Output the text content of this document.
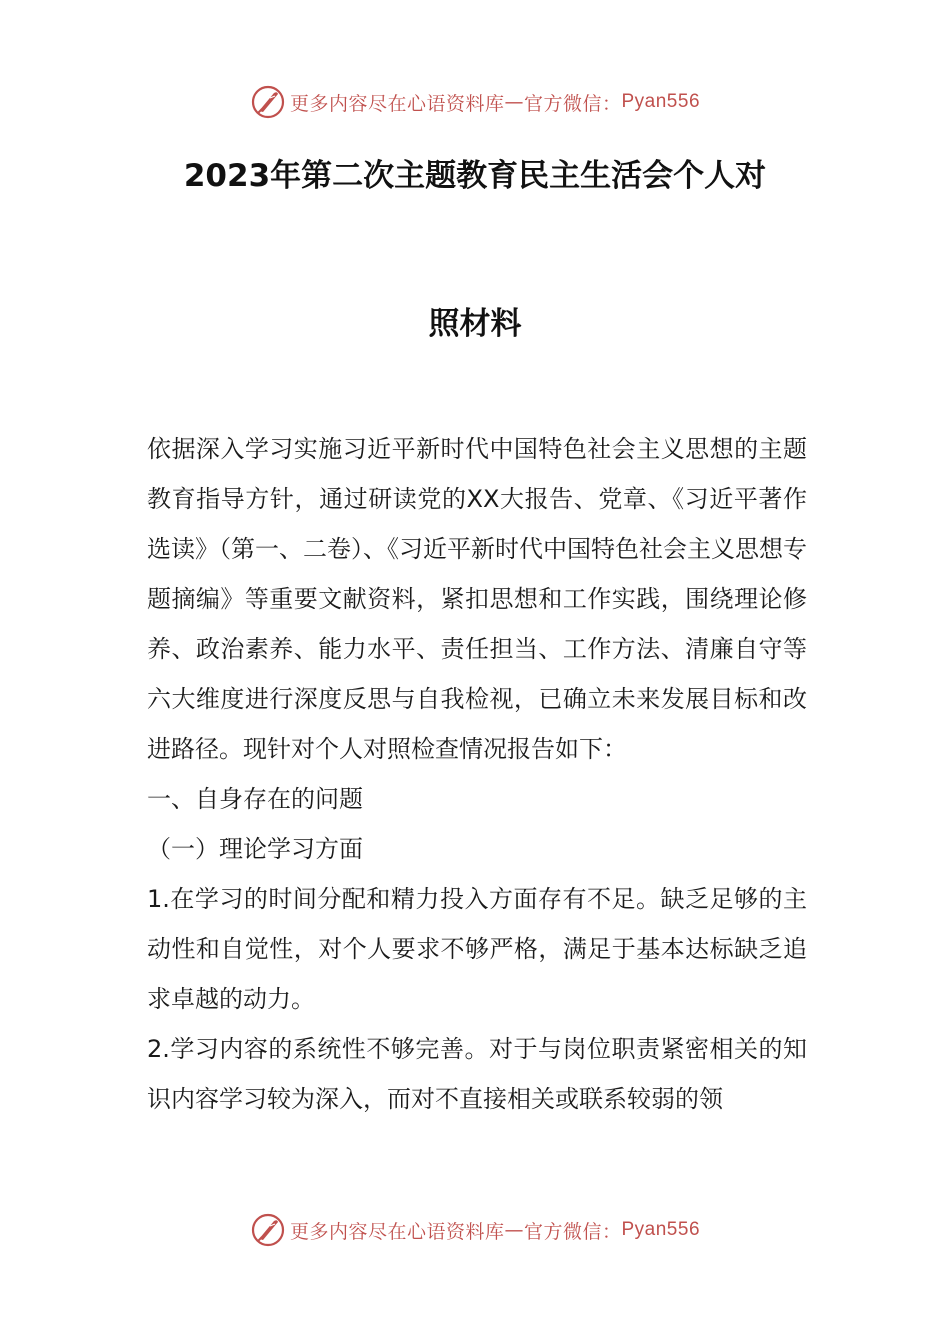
更多内容尽在心语资料库 — 官方微信： Pyan556
2023年第二次主题教育民主生活会个人对
照材料

依据深入学习实施习近平新时代中国特色社会主义思想的主题教育指导方针，通过研读党的XX大报告、党章、《习近平著作选读》（第一、二卷）、《习近平新时代中国特色社会主义思想专题摘编》等重要文献资料，紧扣思想和工作实践，围绕理论修养、政治素养、能力水平、责任担当、工作方法、清廉自守等六大维度进行深度反思与自我检视，已确立未来发展目标和改进路径。现针对个人对照检查情况报告如下：

一、自身存在的问题

（一）理论学习方面

1.在学习的时间分配和精力投入方面存有不足。缺乏足够的主动性和自觉性，对个人要求不够严格，满足于基本达标缺乏追求卓越的动力。

2.学习内容的系统性不够完善。对于与岗位职责紧密相关的知识内容学习较为深入，而对不直接相关或联系较弱的领

更多内容尽在心语资料库 — 官方微信： Pyan556
